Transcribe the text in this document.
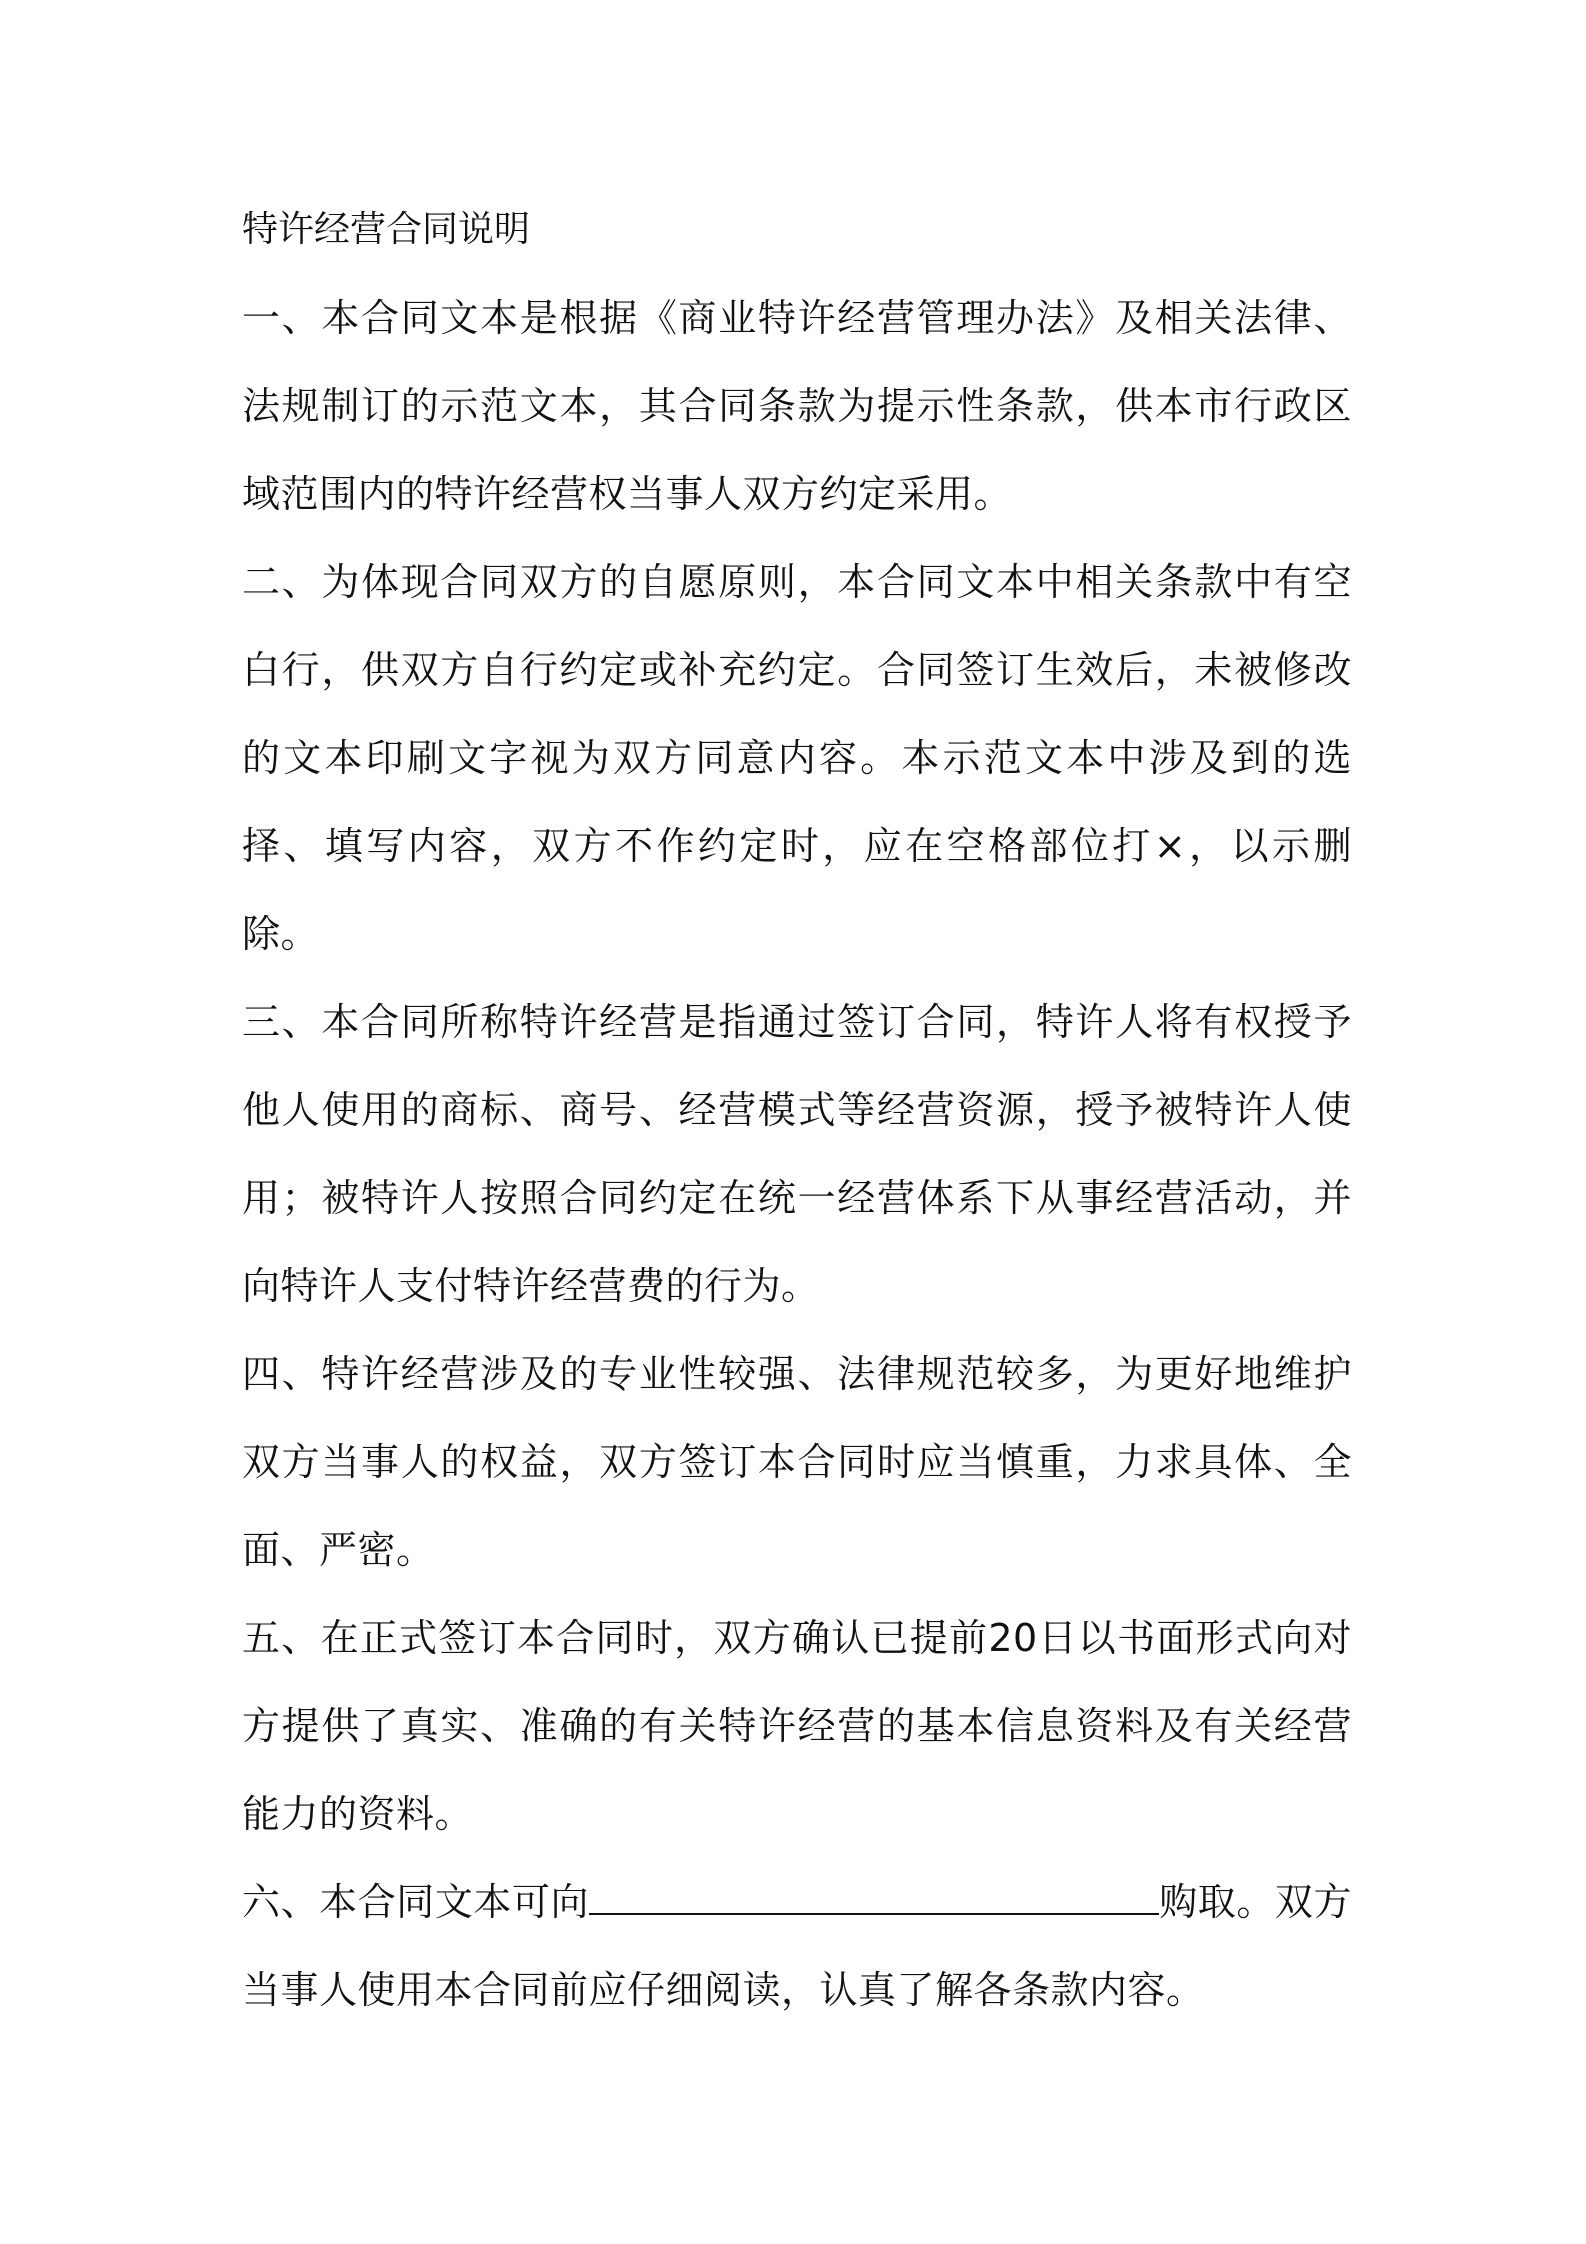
特许经营合同说明

一、本合同文本是根据《商业特许经营管理办法》及相关法律、法规制订的示范文本，其合同条款为提示性条款，供本市行政区域范围内的特许经营权当事人双方约定采用。

二、为体现合同双方的自愿原则，本合同文本中相关条款中有空白行，供双方自行约定或补充约定。合同签订生效后，未被修改的文本印刷文字视为双方同意内容。本示范文本中涉及到的选择、填写内容，双方不作约定时，应在空格部位打×，以示删除。

三、本合同所称特许经营是指通过签订合同，特许人将有权授予他人使用的商标、商号、经营模式等经营资源，授予被特许人使用；被特许人按照合同约定在统一经营体系下从事经营活动，并向特许人支付特许经营费的行为。

四、特许经营涉及的专业性较强、法律规范较多，为更好地维护双方当事人的权益，双方签订本合同时应当慎重，力求具体、全面、严密。

五、在正式签订本合同时，双方确认已提前20日以书面形式向对方提供了真实、准确的有关特许经营的基本信息资料及有关经营能力的资料。

六、本合同文本可向	购取。双方当事人使用本合同前应仔细阅读，认真了解各条款内容。
